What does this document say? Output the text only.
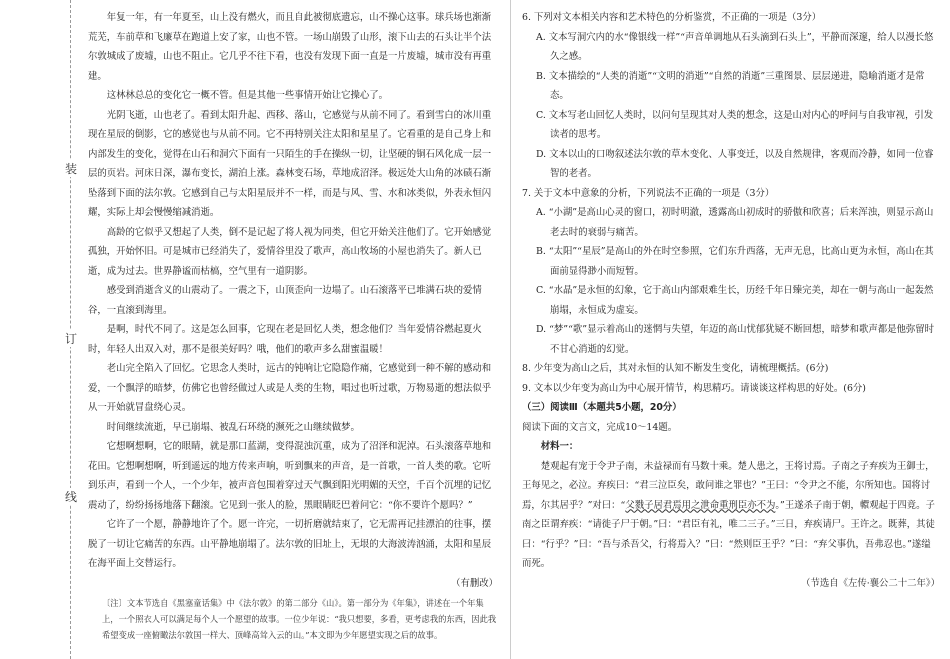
装
订
线

年复一年，有一年夏至，山上没有燃火，而且自此被彻底遗忘，山不操心这事。球兵场也渐渐荒芜，车前草和飞廉草在跑道上安了家，山也不管。一场山崩毁了山形，滚下山去的石头让半个法尔敦城成了废墟，山也不阻止。它几乎不往下看，也没有发现下面一直是一片废墟，城市没有再重建。

这林林总总的变化它一概不管。但是其他一些事情开始让它操心了。

光阴飞逝，山也老了。看到太阳升起、西移、落山，它感觉与从前不同了。看到雪白的冰川重现在星辰的倒影，它的感觉也与从前不同。它不再特别关注太阳和星星了。它看重的是自己身上和内部发生的变化，觉得在山石和洞穴下面有一只陌生的手在操纵一切，让坚硬的铜石风化成一层一层的页岩。河床日深，瀑布变长，湖泊上涨。森林变石场，草地成沼泽。极远处大山角的冰碛石渐坠落到下面的法尔敦。它感到自己与太阳星辰并不一样，而是与风、雪、水和冰类似，外表永恒闪耀，实际上却会慢慢缩减消逝。

高龄的它似乎又想起了人类，倒不是记起了将人视为同类，但它开始关注他们了。它开始感觉孤独，开始怀旧。可是城市已经消失了，爱情谷里没了歌声，高山牧场的小屋也消失了。新人已逝，成为过去。世界静谧而枯槁，空气里有一道阴影。

感受到消逝含义的山震动了。一震之下，山顶歪向一边塌了。山石滚落平已堆满石块的爱情谷，一直滚到海里。

是啊，时代不同了。这是怎么回事，它现在老是回忆人类，想念他们？当年爱情谷燃起夏火时，年轻人出双入对，那不是很美好吗？哦，他们的歌声多么甜蜜温暖！

老山完全陷入了回忆。它思念人类时，远古的钝响让它隐隐作痛，它感觉到一种不解的感动和爱，一个飘浮的暗梦，仿佛它也曾经做过人或是人类的生物，唱过也听过歌，万物易逝的想法似乎从一开始就冒盘绕心灵。

时间继续流逝，早已崩塌、被乱石环绕的濒死之山继续做梦。

它想啊想啊，它的眼睛，就是那口蓝湖，变得混浊沉重，成为了沼泽和泥淖。石头滚落草地和花田。它想啊想啊，听到遥远的地方传来声响，听到飘来的声音，是一首歌，一首人类的歌。它听到乐声，看到一个人，一个少年，被声音包围着穿过天气飘到阳光明媚的天空，千百个沉埋的记忆震动了，纷纷扬扬地落下翻滚。它见到一张人的脸，黑眼睛眨巴着问它：“你不要许个愿吗？”

它许了一个愿，静静地许了个。愿一许完，一切折磨就结束了，它无需再记挂漂泊的往事，摆脱了一切让它痛苦的东西。山平静地崩塌了。法尔敦的旧址上，无垠的大海波涛汹涌，太阳和星辰在海平面上交替运行。

（有删改）

〔注〕文本节选自《黑塞童话集》中《法尔敦》的第二部分《山》。第一部分为《年集》，讲述在一个年集上，一个照衣人可以满足每个人一个愿望的故事。一位少年说：“我只想要，多看，更考虑我的东西，因此我希望变成一座俯瞰法尔敦国一样大、顶峰高耸入云的山。”本文即为少年愿望实现之后的故事。

6. 下列对文本相关内容和艺术特色的分析鉴赏，不正确的一项是（3分）

A. 文本写洞穴内的水“像银线一样”“声音单调地从石头滴到石头上”，平静而深邃，给人以漫长悠久之感。

B. 文本描绘的“人类的消逝”“文明的消逝”“自然的消逝”三重图景、层层递进，隐喻消逝才是常态。

C. 文本写老山回忆人类时，以问句呈现其对人类的想念，这是山对内心的呼问与自我审视，引发读者的思考。

D. 文本以山的口吻叙述法尔敦的草木变化、人事变迁，以及自然规律，客观而冷静，如同一位睿智的老者。

7. 关于文本中意象的分析，下列说法不正确的一项是（3分）

A. “小湖”是高山心灵的窗口，初时明澈，透露高山初成时的骄傲和欣喜；后来浑浊，则显示高山老去时的衰弱与痛苦。

B. “太阳”“星辰”是高山的外在时空参照，它们东升西落，无声无息，比高山更为永恒，高山在其面前显得渺小而短暂。

C. “水晶”是永恒的幻象，它于高山内部艰难生长，历经千年日臻完美，却在一朝与高山一起轰然崩塌，永恒成为虚妄。

D. “梦”“歌”显示着高山的迷惘与失望，年迈的高山忧郁犹疑不断回想，暗梦和歌声都是他弥留时不甘心消逝的幻觉。

8. 少年变为高山之后，其对永恒的认知不断发生变化，请梳理概括。(6分)

9. 文本以少年变为高山为中心展开情节，构思精巧。请谈谈这样构思的好处。(6分)

（三）阅读Ⅲ（本题共5小题，20分）

阅读下面的文言文，完成10～14题。

材料一：

楚观起有宠于令尹子南，未益禄而有马数十乘。楚人患之，王将讨焉。子南之子弃疾为王御士，王每见之，必泣。弃疾曰：“君三泣臣矣，敢问谁之罪也？”王曰：“令尹之不能，尔所知也。国将讨焉，尔其居乎？”对曰：“父戮子居君焉用之泄命重刑臣亦不为。”王遂杀子南于朝，轘观起于四竟。子南之臣谓弃疾：“请徙子尸于朝。”曰：“君臣有礼，唯二三子。”三日，弃疾请尸。王许之。既葬，其徒曰：“行乎？”曰：“吾与杀吾父，行将焉入？”曰：“然则臣王乎？”曰：“弃父事仇，吾弗忍也。”遂缢而死。

（节选自《左传·襄公二十二年》）
